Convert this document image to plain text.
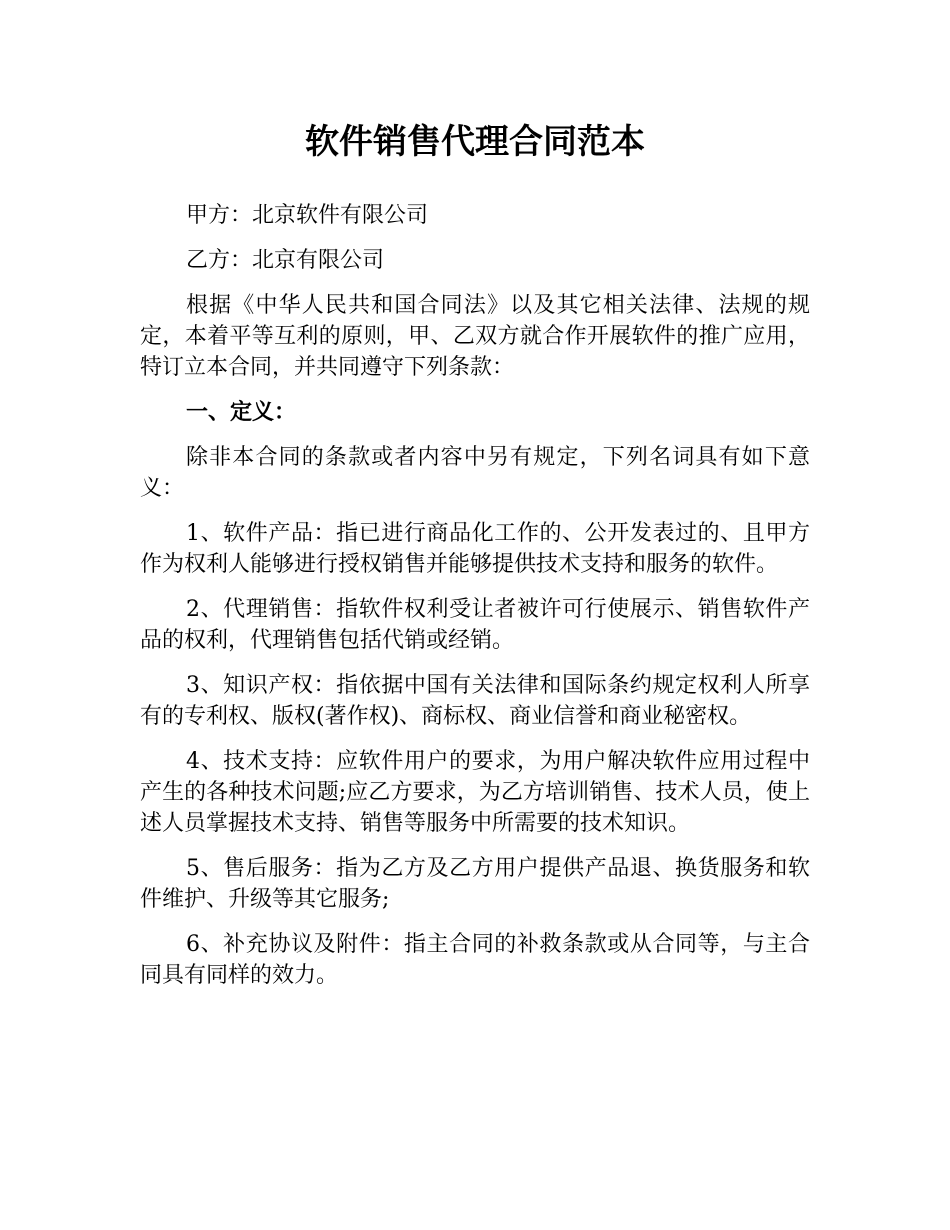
软件销售代理合同范本

甲方：北京软件有限公司

乙方：北京有限公司

根据《中华人民共和国合同法》以及其它相关法律、法规的规定，本着平等互利的原则，甲、乙双方就合作开展软件的推广应用，特订立本合同，并共同遵守下列条款：

一、定义：

除非本合同的条款或者内容中另有规定，下列名词具有如下意义：

1、软件产品：指已进行商品化工作的、公开发表过的、且甲方作为权利人能够进行授权销售并能够提供技术支持和服务的软件。

2、代理销售：指软件权利受让者被许可行使展示、销售软件产品的权利，代理销售包括代销或经销。

3、知识产权：指依据中国有关法律和国际条约规定权利人所享有的专利权、版权(著作权)、商标权、商业信誉和商业秘密权。

4、技术支持：应软件用户的要求，为用户解决软件应用过程中产生的各种技术问题;应乙方要求，为乙方培训销售、技术人员，使上述人员掌握技术支持、销售等服务中所需要的技术知识。

5、售后服务：指为乙方及乙方用户提供产品退、换货服务和软件维护、升级等其它服务;

6、补充协议及附件：指主合同的补救条款或从合同等，与主合同具有同样的效力。
